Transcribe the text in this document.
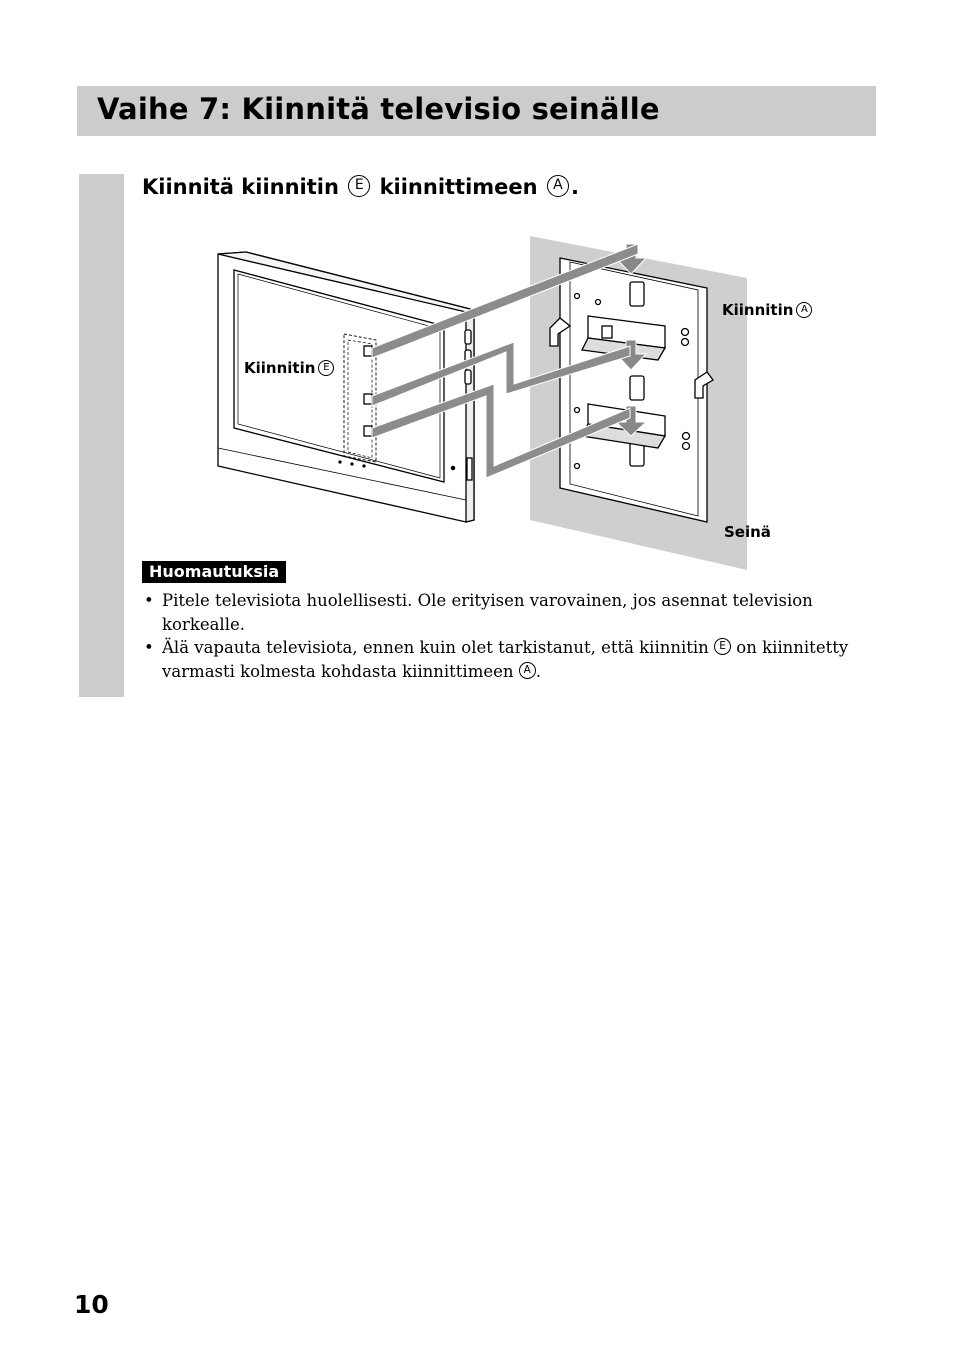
Vaihe 7: Kiinnitä televisio seinälle
Kiinnitä kiinnitin E kiinnittimeen A .
Kiinnitin E
Kiinnitin A
Seinä
Huomautuksia
• Pitele televisiota huolellisesti. Ole erityisen varovainen, jos asennat television korkealle.
• Älä vapauta televisiota, ennen kuin olet tarkistanut, että kiinnitin E on kiinnitetty varmasti kolmesta kohdasta kiinnittimeen A .
10
